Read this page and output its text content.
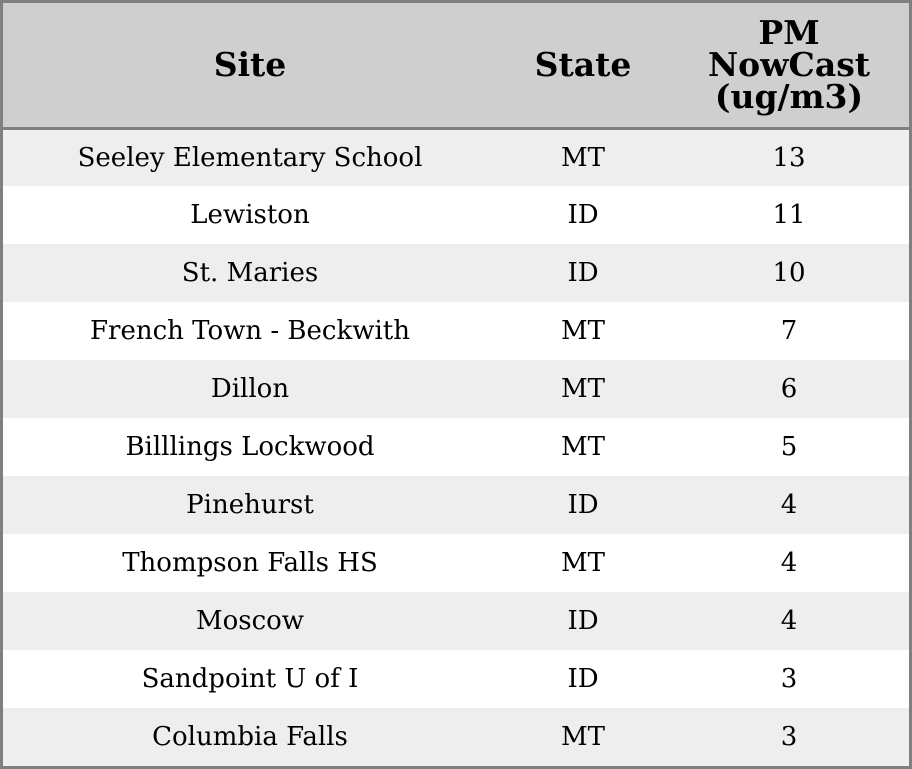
Site	State	PM NowCast (ug/m3)
Seeley Elementary School	MT	13
Lewiston	ID	11
St. Maries	ID	10
French Town - Beckwith	MT	7
Dillon	MT	6
Billlings Lockwood	MT	5
Pinehurst	ID	4
Thompson Falls HS	MT	4
Moscow	ID	4
Sandpoint U of I	ID	3
Columbia Falls	MT	3
